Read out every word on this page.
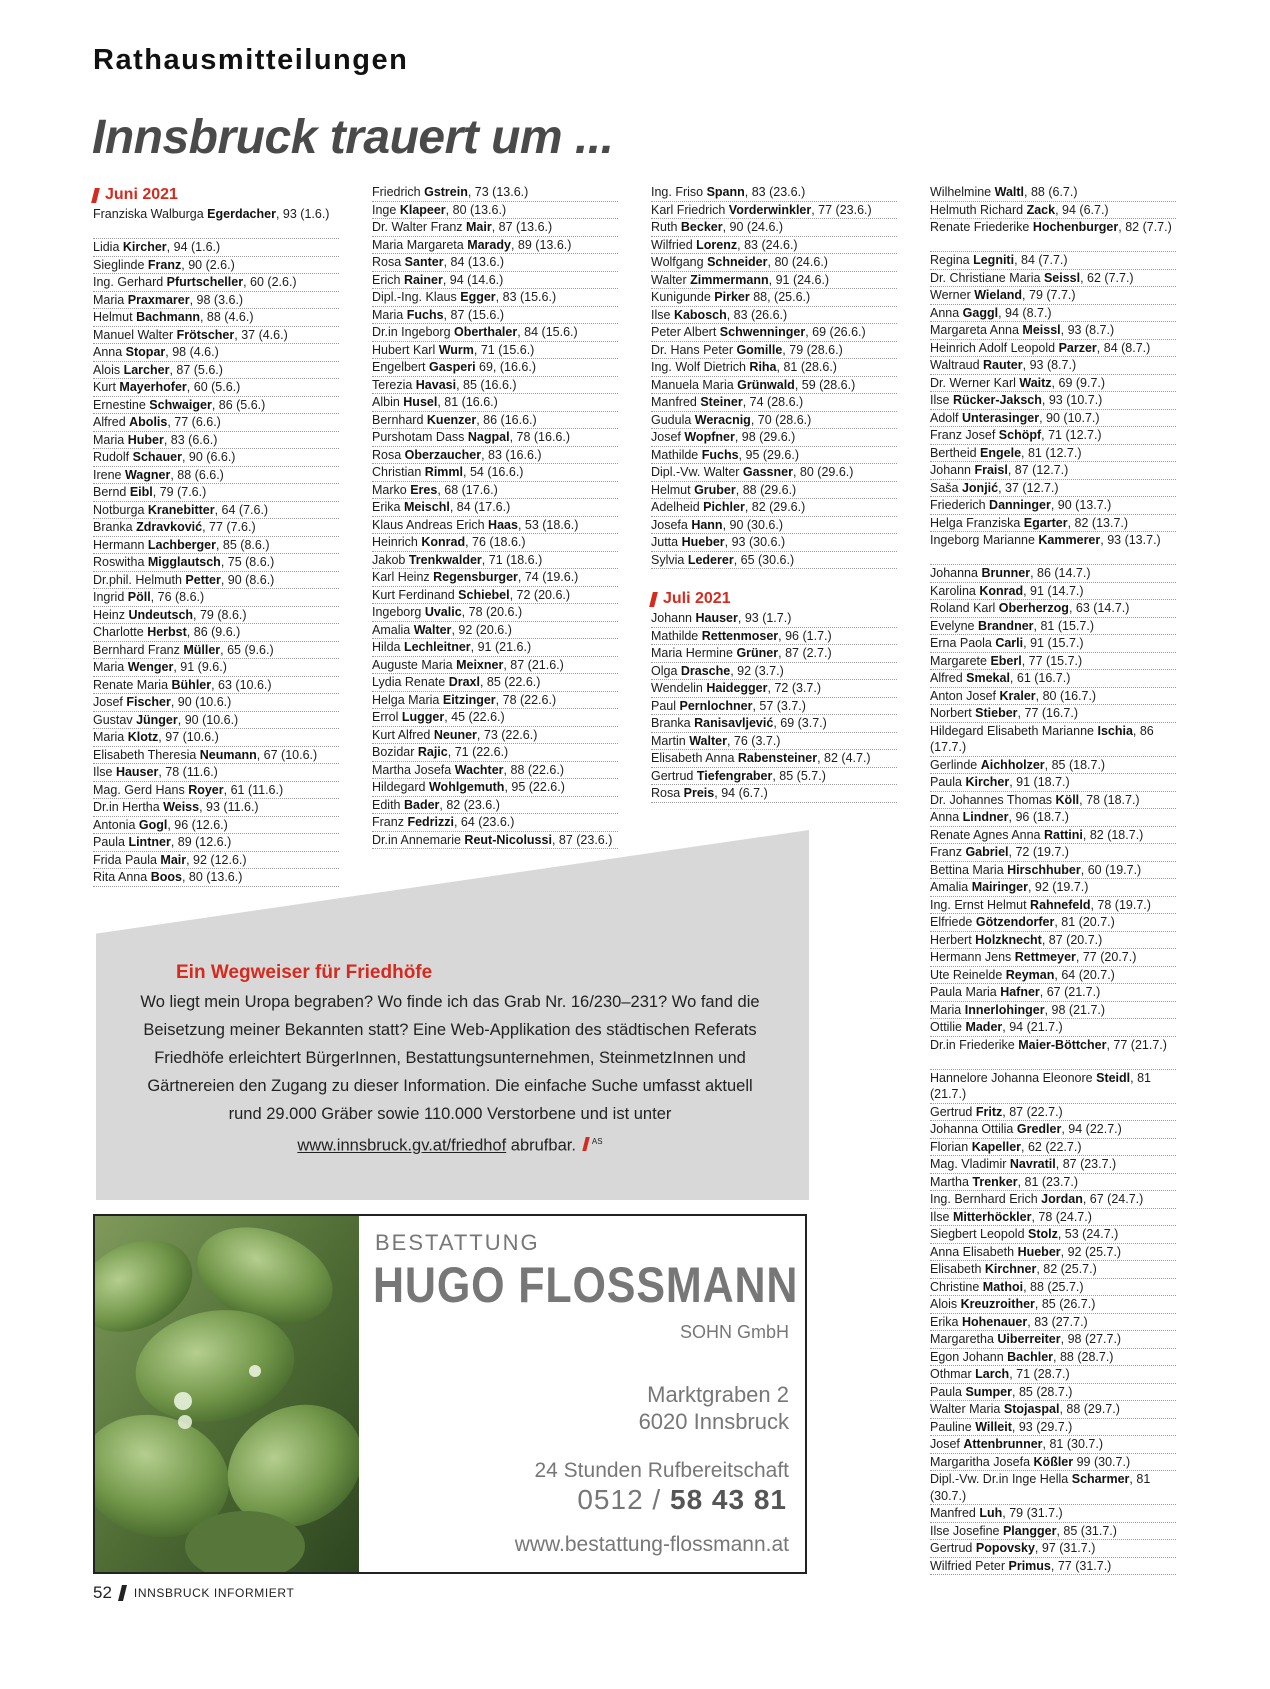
Rathausmitteilungen
Innsbruck trauert um ...
Juni 2021
Franziska Walburga Egerdacher, 93 (1.6.)
Lidia Kircher, 94 (1.6.)
Sieglinde Franz, 90 (2.6.)
Ing. Gerhard Pfurtscheller, 60 (2.6.)
Maria Praxmarer, 98 (3.6.)
Helmut Bachmann, 88 (4.6.)
Manuel Walter Frötscher, 37 (4.6.)
Anna Stopar, 98 (4.6.)
Alois Larcher, 87 (5.6.)
Kurt Mayerhofer, 60 (5.6.)
Ernestine Schwaiger, 86 (5.6.)
Alfred Abolis, 77 (6.6.)
Maria Huber, 83 (6.6.)
Rudolf Schauer, 90 (6.6.)
Irene Wagner, 88 (6.6.)
Bernd Eibl, 79 (7.6.)
Notburga Kranebitter, 64 (7.6.)
Branka Zdravković, 77 (7.6.)
Hermann Lachberger, 85 (8.6.)
Roswitha Migglautsch, 75 (8.6.)
Dr.phil. Helmuth Petter, 90 (8.6.)
Ingrid Pöll, 76 (8.6.)
Heinz Undeutsch, 79 (8.6.)
Charlotte Herbst, 86 (9.6.)
Bernhard Franz Müller, 65 (9.6.)
Maria Wenger, 91 (9.6.)
Renate Maria Bühler, 63 (10.6.)
Josef Fischer, 90 (10.6.)
Gustav Jünger, 90 (10.6.)
Maria Klotz, 97 (10.6.)
Elisabeth Theresia Neumann, 67 (10.6.)
Ilse Hauser, 78 (11.6.)
Mag. Gerd Hans Royer, 61 (11.6.)
Dr.in Hertha Weiss, 93 (11.6.)
Antonia Gogl, 96 (12.6.)
Paula Lintner, 89 (12.6.)
Frida Paula Mair, 92 (12.6.)
Rita Anna Boos, 80 (13.6.)
Friedrich Gstrein, 73 (13.6.)
Inge Klapeer, 80 (13.6.)
Dr. Walter Franz Mair, 87 (13.6.)
Maria Margareta Marady, 89 (13.6.)
Rosa Santer, 84 (13.6.)
Erich Rainer, 94 (14.6.)
Dipl.-Ing. Klaus Egger, 83 (15.6.)
Maria Fuchs, 87 (15.6.)
Dr.in Ingeborg Oberthaler, 84 (15.6.)
Hubert Karl Wurm, 71 (15.6.)
Engelbert Gasperi 69, (16.6.)
Terezia Havasi, 85 (16.6.)
Albin Husel, 81 (16.6.)
Bernhard Kuenzer, 86 (16.6.)
Purshotam Dass Nagpal, 78 (16.6.)
Rosa Oberzaucher, 83 (16.6.)
Christian Rimml, 54 (16.6.)
Marko Eres, 68 (17.6.)
Erika Meischl, 84 (17.6.)
Klaus Andreas Erich Haas, 53 (18.6.)
Heinrich Konrad, 76 (18.6.)
Jakob Trenkwalder, 71 (18.6.)
Karl Heinz Regensburger, 74 (19.6.)
Kurt Ferdinand Schiebel, 72 (20.6.)
Ingeborg Uvalic, 78 (20.6.)
Amalia Walter, 92 (20.6.)
Hilda Lechleitner, 91 (21.6.)
Auguste Maria Meixner, 87 (21.6.)
Lydia Renate Draxl, 85 (22.6.)
Helga Maria Eitzinger, 78 (22.6.)
Errol Lugger, 45 (22.6.)
Kurt Alfred Neuner, 73 (22.6.)
Bozidar Rajic, 71 (22.6.)
Martha Josefa Wachter, 88 (22.6.)
Hildegard Wohlgemuth, 95 (22.6.)
Edith Bader, 82 (23.6.)
Franz Fedrizzi, 64 (23.6.)
Dr.in Annemarie Reut-Nicolussi, 87 (23.6.)
Ing. Friso Spann, 83 (23.6.)
Karl Friedrich Vorderwinkler, 77 (23.6.)
Ruth Becker, 90 (24.6.)
Wilfried Lorenz, 83 (24.6.)
Wolfgang Schneider, 80 (24.6.)
Walter Zimmermann, 91 (24.6.)
Kunigunde Pirker 88, (25.6.)
Ilse Kabosch, 83 (26.6.)
Peter Albert Schwenninger, 69 (26.6.)
Dr. Hans Peter Gomille, 79 (28.6.)
Ing. Wolf Dietrich Riha, 81 (28.6.)
Manuela Maria Grünwald, 59 (28.6.)
Manfred Steiner, 74 (28.6.)
Gudula Weracnig, 70 (28.6.)
Josef Wopfner, 98 (29.6.)
Mathilde Fuchs, 95 (29.6.)
Dipl.-Vw. Walter Gassner, 80 (29.6.)
Helmut Gruber, 88 (29.6.)
Adelheid Pichler, 82 (29.6.)
Josefa Hann, 90 (30.6.)
Jutta Hueber, 93 (30.6.)
Sylvia Lederer, 65 (30.6.)
Juli 2021
Johann Hauser, 93 (1.7.)
Mathilde Rettenmoser, 96 (1.7.)
Maria Hermine Grüner, 87 (2.7.)
Olga Drasche, 92 (3.7.)
Wendelin Haidegger, 72 (3.7.)
Paul Pernlochner, 57 (3.7.)
Branka Ranisavljević, 69 (3.7.)
Martin Walter, 76 (3.7.)
Elisabeth Anna Rabensteiner, 82 (4.7.)
Gertrud Tiefengraber, 85 (5.7.)
Rosa Preis, 94 (6.7.)
Wilhelmine Waltl, 88 (6.7.)
Helmuth Richard Zack, 94 (6.7.)
Renate Friederike Hochenburger, 82 (7.7.)
Regina Legniti, 84 (7.7.)
Dr. Christiane Maria Seissl, 62 (7.7.)
Werner Wieland, 79 (7.7.)
Anna Gaggl, 94 (8.7.)
Margareta Anna Meissl, 93 (8.7.)
Heinrich Adolf Leopold Parzer, 84 (8.7.)
Waltraud Rauter, 93 (8.7.)
Dr. Werner Karl Waitz, 69 (9.7.)
Ilse Rücker-Jaksch, 93 (10.7.)
Adolf Unterasinger, 90 (10.7.)
Franz Josef Schöpf, 71 (12.7.)
Bertheid Engele, 81 (12.7.)
Johann Fraisl, 87 (12.7.)
Saša Jonjić, 37 (12.7.)
Friederich Danninger, 90 (13.7.)
Helga Franziska Egarter, 82 (13.7.)
Ingeborg Marianne Kammerer, 93 (13.7.)
Johanna Brunner, 86 (14.7.)
Karolina Konrad, 91 (14.7.)
Roland Karl Oberherzog, 63 (14.7.)
Evelyne Brandner, 81 (15.7.)
Erna Paola Carli, 91 (15.7.)
Margarete Eberl, 77 (15.7.)
Alfred Smekal, 61 (16.7.)
Anton Josef Kraler, 80 (16.7.)
Norbert Stieber, 77 (16.7.)
Hildegard Elisabeth Marianne Ischia, 86 (17.7.)
Gerlinde Aichholzer, 85 (18.7.)
Paula Kircher, 91 (18.7.)
Dr. Johannes Thomas Köll, 78 (18.7.)
Anna Lindner, 96 (18.7.)
Renate Agnes Anna Rattini, 82 (18.7.)
Franz Gabriel, 72 (19.7.)
Bettina Maria Hirschhuber, 60 (19.7.)
Amalia Mairinger, 92 (19.7.)
Ing. Ernst Helmut Rahnefeld, 78 (19.7.)
Elfriede Götzendorfer, 81 (20.7.)
Herbert Holzknecht, 87 (20.7.)
Hermann Jens Rettmeyer, 77 (20.7.)
Ute Reinelde Reyman, 64 (20.7.)
Paula Maria Hafner, 67 (21.7.)
Maria Innerlohinger, 98 (21.7.)
Ottilie Mader, 94 (21.7.)
Dr.in Friederike Maier-Böttcher, 77 (21.7.)
Hannelore Johanna Eleonore Steidl, 81 (21.7.)
Gertrud Fritz, 87 (22.7.)
Johanna Ottilia Gredler, 94 (22.7.)
Florian Kapeller, 62 (22.7.)
Mag. Vladimir Navratil, 87 (23.7.)
Martha Trenker, 81 (23.7.)
Ing. Bernhard Erich Jordan, 67 (24.7.)
Ilse Mitterhöckler, 78 (24.7.)
Siegbert Leopold Stolz, 53 (24.7.)
Anna Elisabeth Hueber, 92 (25.7.)
Elisabeth Kirchner, 82 (25.7.)
Christine Mathoi, 88 (25.7.)
Alois Kreuzroither, 85 (26.7.)
Erika Hohenauer, 83 (27.7.)
Margaretha Uiberreiter, 98 (27.7.)
Egon Johann Bachler, 88 (28.7.)
Othmar Larch, 71 (28.7.)
Paula Sumper, 85 (28.7.)
Walter Maria Stojaspal, 88 (29.7.)
Pauline Willeit, 93 (29.7.)
Josef Attenbrunner, 81 (30.7.)
Margaritha Josefa Kößler 99 (30.7.)
Dipl.-Vw. Dr.in Inge Hella Scharmer, 81 (30.7.)
Manfred Luh, 79 (31.7.)
Ilse Josefine Plangger, 85 (31.7.)
Gertrud Popovsky, 97 (31.7.)
Wilfried Peter Primus, 77 (31.7.)
Ein Wegweiser für Friedhöfe

Wo liegt mein Uropa begraben? Wo finde ich das Grab Nr. 16/230–231? Wo fand die Beisetzung meiner Bekannten statt? Eine Web-Applikation des städtischen Referats Friedhöfe erleichtert BürgerInnen, Bestattungsunternehmen, SteinmetzInnen und Gärtnereien den Zugang zu dieser Information. Die einfache Suche umfasst aktuell rund 29.000 Gräber sowie 110.000 Verstorbene und ist unter www.innsbruck.gv.at/friedhof abrufbar. $^{AS}$

BESTATTUNG
HUGO FLOSSMANN
SOHN GmbH
Marktgraben 2
6020 Innsbruck
24 Stunden Rufbereitschaft
0512 / 58 43 81
www.bestattung-flossmann.at
52 INNSBRUCK INFORMIERT
